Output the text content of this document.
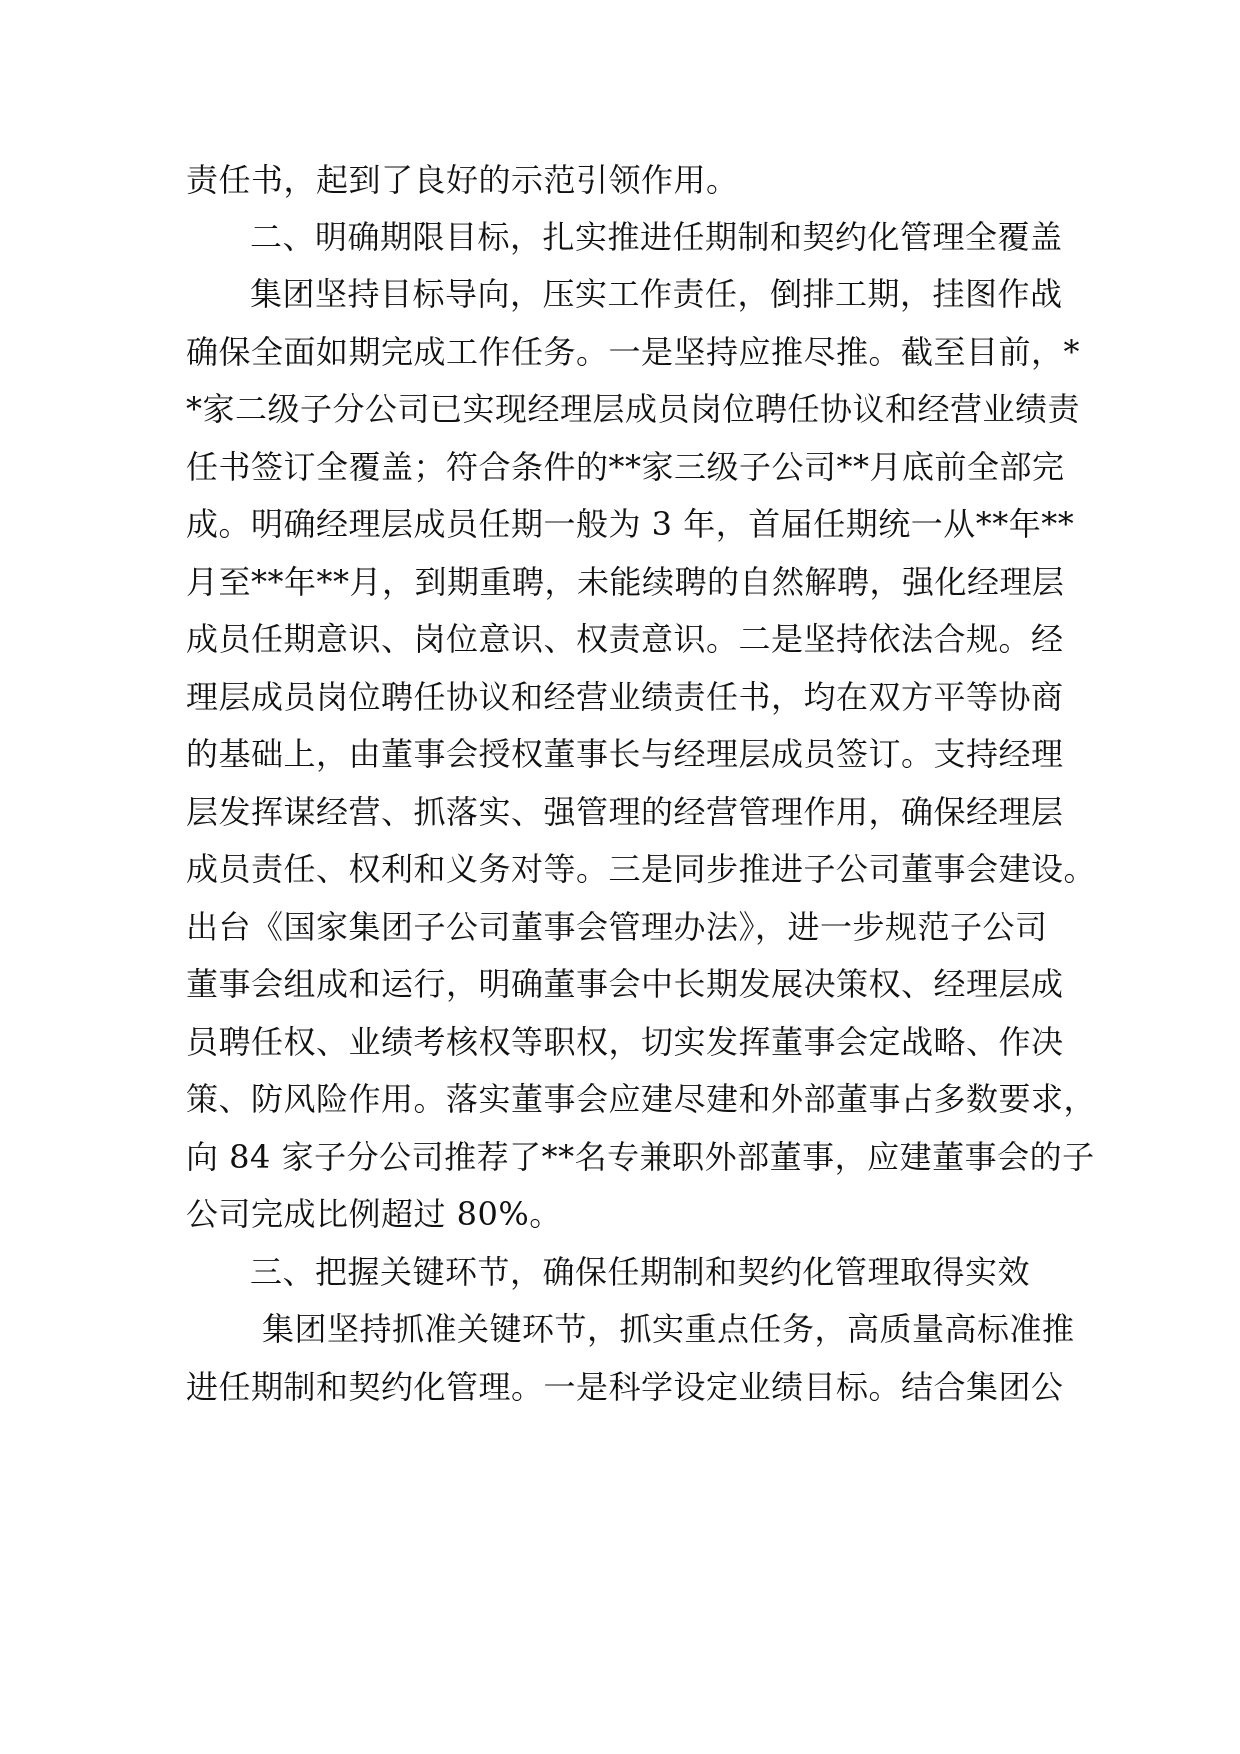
责任书，起到了良好的示范引领作用。
二、明确期限目标，扎实推进任期制和契约化管理全覆盖
集团坚持目标导向，压实工作责任，倒排工期，挂图作战
确保全面如期完成工作任务。一是坚持应推尽推。截至目前，*
*家二级子分公司已实现经理层成员岗位聘任协议和经营业绩责
任书签订全覆盖；符合条件的**家三级子公司**月底前全部完
成。明确经理层成员任期一般为 3 年，首届任期统一从**年**
月至**年**月，到期重聘，未能续聘的自然解聘，强化经理层
成员任期意识、岗位意识、权责意识。二是坚持依法合规。经
理层成员岗位聘任协议和经营业绩责任书，均在双方平等协商
的基础上，由董事会授权董事长与经理层成员签订。支持经理
层发挥谋经营、抓落实、强管理的经营管理作用，确保经理层
成员责任、权利和义务对等。三是同步推进子公司董事会建设。
出台《国家集团子公司董事会管理办法》，进一步规范子公司
董事会组成和运行，明确董事会中长期发展决策权、经理层成
员聘任权、业绩考核权等职权，切实发挥董事会定战略、作决
策、防风险作用。落实董事会应建尽建和外部董事占多数要求，
向 84 家子分公司推荐了**名专兼职外部董事，应建董事会的子
公司完成比例超过 80%。
三、把握关键环节，确保任期制和契约化管理取得实效
集团坚持抓准关键环节，抓实重点任务，高质量高标准推
进任期制和契约化管理。一是科学设定业绩目标。结合集团公
